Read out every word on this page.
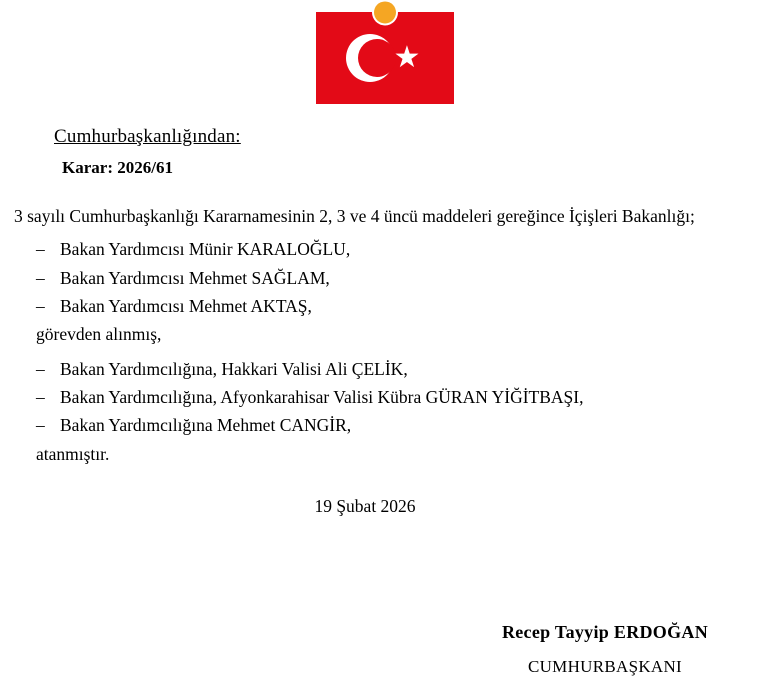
★
Cumhurbaşkanlığından:
Karar: 2026/61
3 sayılı Cumhurbaşkanlığı Kararnamesinin 2, 3 ve 4 üncü maddeleri gereğince İçişleri Bakanlığı;
– Bakan Yardımcısı Münir KARALOĞLU,
– Bakan Yardımcısı Mehmet SAĞLAM,
– Bakan Yardımcısı Mehmet AKTAŞ,
görevden alınmış,
– Bakan Yardımcılığına, Hakkari Valisi Ali ÇELİK,
– Bakan Yardımcılığına, Afyonkarahisar Valisi Kübra GÜRAN YİĞİTBAŞI,
– Bakan Yardımcılığına Mehmet CANGİR,
atanmıştır.
19 Şubat 2026
Recep Tayyip ERDOĞAN
CUMHURBAŞKANI
